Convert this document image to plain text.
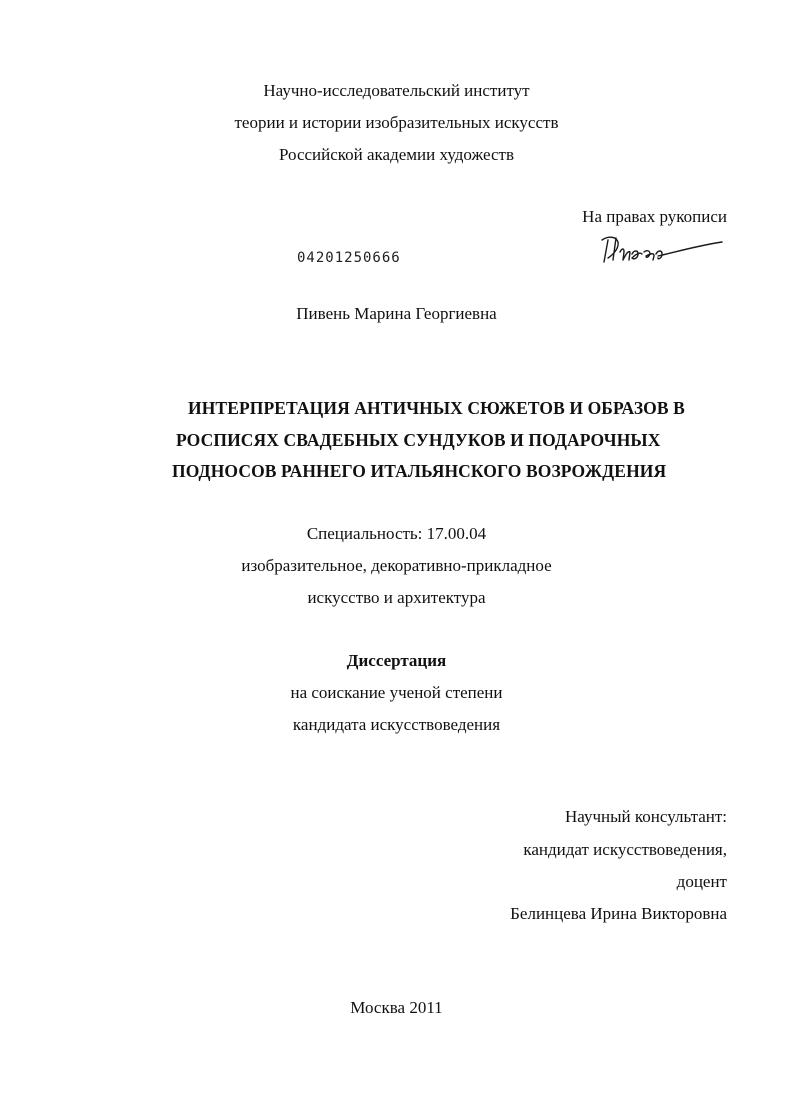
Научно-исследовательский институт
теории и истории изобразительных искусств
Российской академии художеств
На правах рукописи
04201250666
Пивень Марина Георгиевна
ИНТЕРПРЕТАЦИЯ АНТИЧНЫХ СЮЖЕТОВ И ОБРАЗОВ В
РОСПИСЯХ СВАДЕБНЫХ СУНДУКОВ И ПОДАРОЧНЫХ
ПОДНОСОВ РАННЕГО ИТАЛЬЯНСКОГО ВОЗРОЖДЕНИЯ
Специальность: 17.00.04
изобразительное, декоративно-прикладное
искусство и архитектура
Диссертация
на соискание ученой степени
кандидата искусствоведения
Научный консультант:
кандидат искусствоведения,
доцент
Белинцева Ирина Викторовна
Москва 2011
